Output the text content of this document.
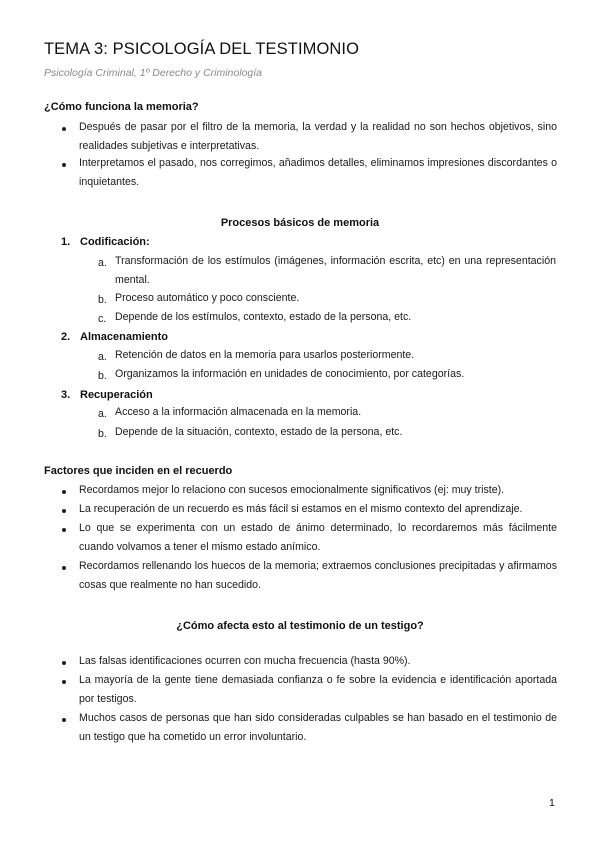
TEMA 3: PSICOLOGÍA DEL TESTIMONIO
Psicología Criminal, 1º Derecho y Criminología
¿Cómo funciona la memoria?
Después de pasar por el filtro de la memoria, la verdad y la realidad no son hechos objetivos, sino realidades subjetivas e interpretativas.
Interpretamos el pasado, nos corregimos, añadimos detalles, eliminamos impresiones discordantes o inquietantes.
Procesos básicos de memoria
1. Codificación:
a. Transformación de los estímulos (imágenes, información escrita, etc) en una representación mental.
b. Proceso automático y poco consciente.
c. Depende de los estímulos, contexto, estado de la persona, etc.
2. Almacenamiento
a. Retención de datos en la memoria para usarlos posteriormente.
b. Organizamos la información en unidades de conocimiento, por categorías.
3. Recuperación
a. Acceso a la información almacenada en la memoria.
b. Depende de la situación, contexto, estado de la persona, etc.
Factores que inciden en el recuerdo
Recordamos mejor lo relaciono con sucesos emocionalmente significativos (ej: muy triste).
La recuperación de un recuerdo es más fácil si estamos en el mismo contexto del aprendizaje.
Lo que se experimenta con un estado de ánimo determinado, lo recordaremos más fácilmente cuando volvamos a tener el mismo estado anímico.
Recordamos rellenando los huecos de la memoria; extraemos conclusiones precipitadas y afirmamos cosas que realmente no han sucedido.
¿Cómo afecta esto al testimonio de un testigo?
Las falsas identificaciones ocurren con mucha frecuencia (hasta 90%).
La mayoría de la gente tiene demasiada confianza o fe sobre la evidencia e identificación aportada por testigos.
Muchos casos de personas que han sido consideradas culpables se han basado en el testimonio de un testigo que ha cometido un error involuntario.
1
